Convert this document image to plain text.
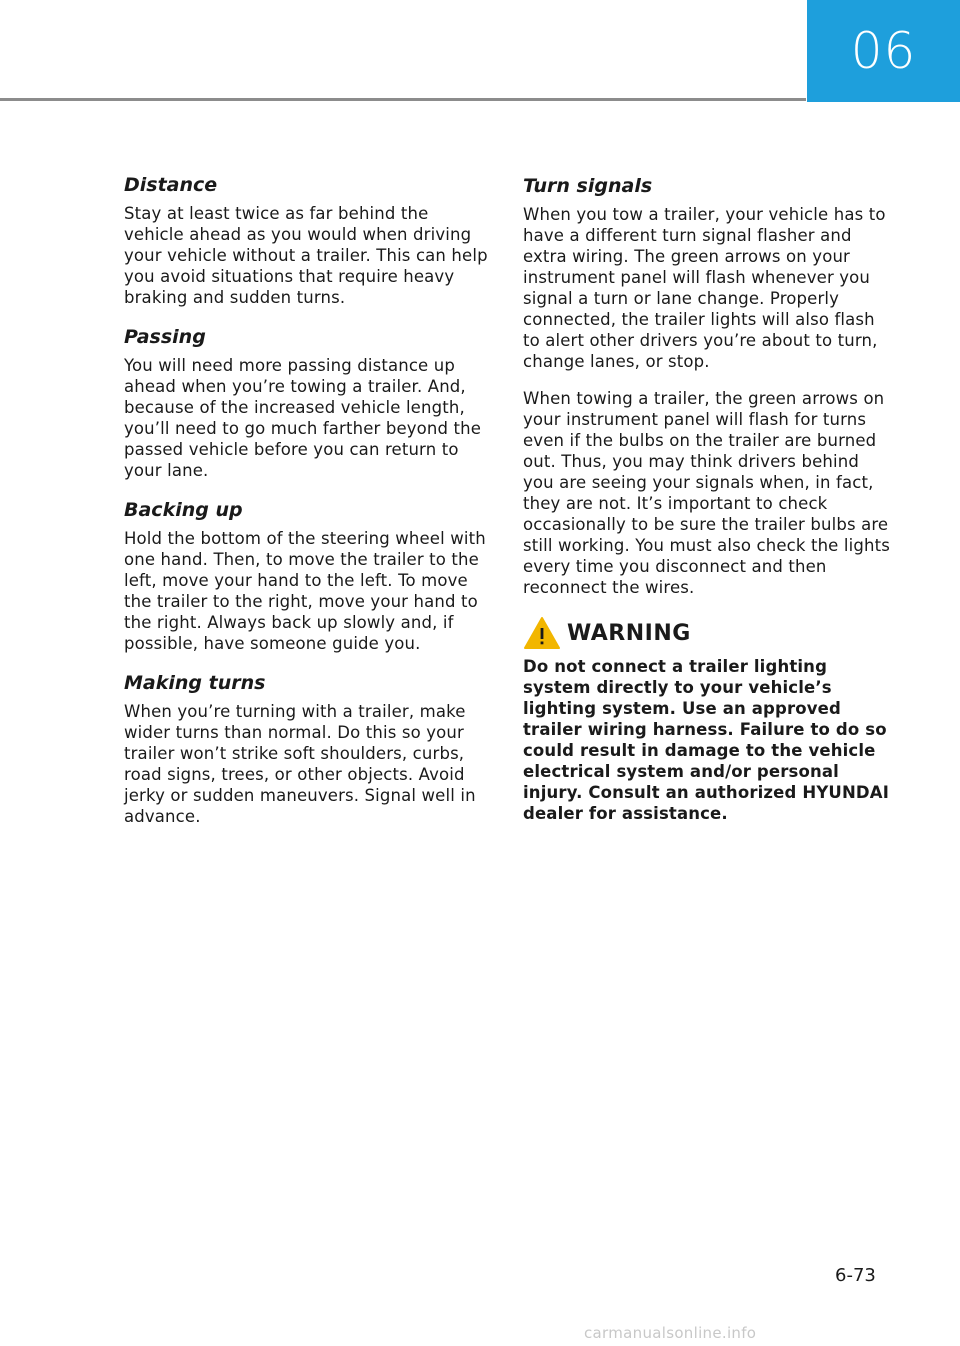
06
Distance

Stay at least twice as far behind the vehicle ahead as you would when driving your vehicle without a trailer. This can help you avoid situations that require heavy braking and sudden turns.

Passing

You will need more passing distance up ahead when you’re towing a trailer. And, because of the increased vehicle length, you’ll need to go much farther beyond the passed vehicle before you can return to your lane.

Backing up

Hold the bottom of the steering wheel with one hand. Then, to move the trailer to the left, move your hand to the left. To move the trailer to the right, move your hand to the right. Always back up slowly and, if possible, have someone guide you.

Making turns

When you’re turning with a trailer, make wider turns than normal. Do this so your trailer won’t strike soft shoulders, curbs, road signs, trees, or other objects. Avoid jerky or sudden maneuvers. Signal well in advance.

Turn signals

When you tow a trailer, your vehicle has to have a different turn signal flasher and extra wiring. The green arrows on your instrument panel will flash whenever you signal a turn or lane change. Properly connected, the trailer lights will also flash to alert other drivers you’re about to turn, change lanes, or stop.

When towing a trailer, the green arrows on your instrument panel will flash for turns even if the bulbs on the trailer are burned out. Thus, you may think drivers behind you are seeing your signals when, in fact, they are not. It’s important to check occasionally to be sure the trailer bulbs are still working. You must also check the lights every time you disconnect and then reconnect the wires.

WARNING

Do not connect a trailer lighting system directly to your vehicle’s lighting system. Use an approved trailer wiring harness. Failure to do so could result in damage to the vehicle electrical system and/or personal injury. Consult an authorized HYUNDAI dealer for assistance.

6-73
carmanualsonline.info
